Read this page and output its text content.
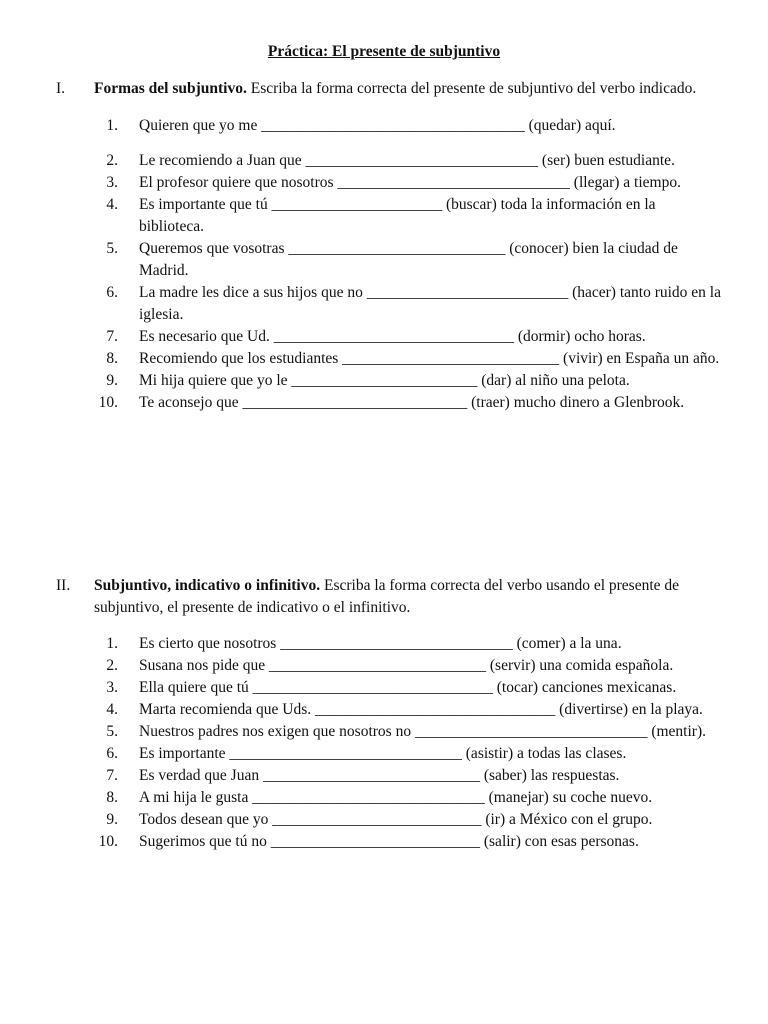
Práctica: El presente de subjuntivo
I. Formas del subjuntivo. Escriba la forma correcta del presente de subjuntivo del verbo indicado.
1. Quieren que yo me __________________________________ (quedar) aquí.
2. Le recomiendo a Juan que ______________________________ (ser) buen estudiante.
3. El profesor quiere que nosotros ______________________________ (llegar) a tiempo.
4. Es importante que tú ______________________ (buscar) toda la información en la biblioteca.
5. Queremos que vosotras ____________________________ (conocer) bien la ciudad de Madrid.
6. La madre les dice a sus hijos que no __________________________ (hacer) tanto ruido en la iglesia.
7. Es necesario que Ud. _______________________________ (dormir) ocho horas.
8. Recomiendo que los estudiantes ____________________________ (vivir) en España un año.
9. Mi hija quiere que yo le ________________________ (dar) al niño una pelota.
10. Te aconsejo que _____________________________ (traer) mucho dinero a Glenbrook.
II. Subjuntivo, indicativo o infinitivo. Escriba la forma correcta del verbo usando el presente de subjuntivo, el presente de indicativo o el infinitivo.
1. Es cierto que nosotros ______________________________ (comer) a la una.
2. Susana nos pide que ____________________________ (servir) una comida española.
3. Ella quiere que tú _______________________________ (tocar) canciones mexicanas.
4. Marta recomienda que Uds. _______________________________ (divertirse) en la playa.
5. Nuestros padres nos exigen que nosotros no ______________________________ (mentir).
6. Es importante ______________________________ (asistir) a todas las clases.
7. Es verdad que Juan ____________________________ (saber) las respuestas.
8. A mi hija le gusta ______________________________ (manejar) su coche nuevo.
9. Todos desean que yo ___________________________ (ir) a México con el grupo.
10. Sugerimos que tú no ___________________________ (salir) con esas personas.
